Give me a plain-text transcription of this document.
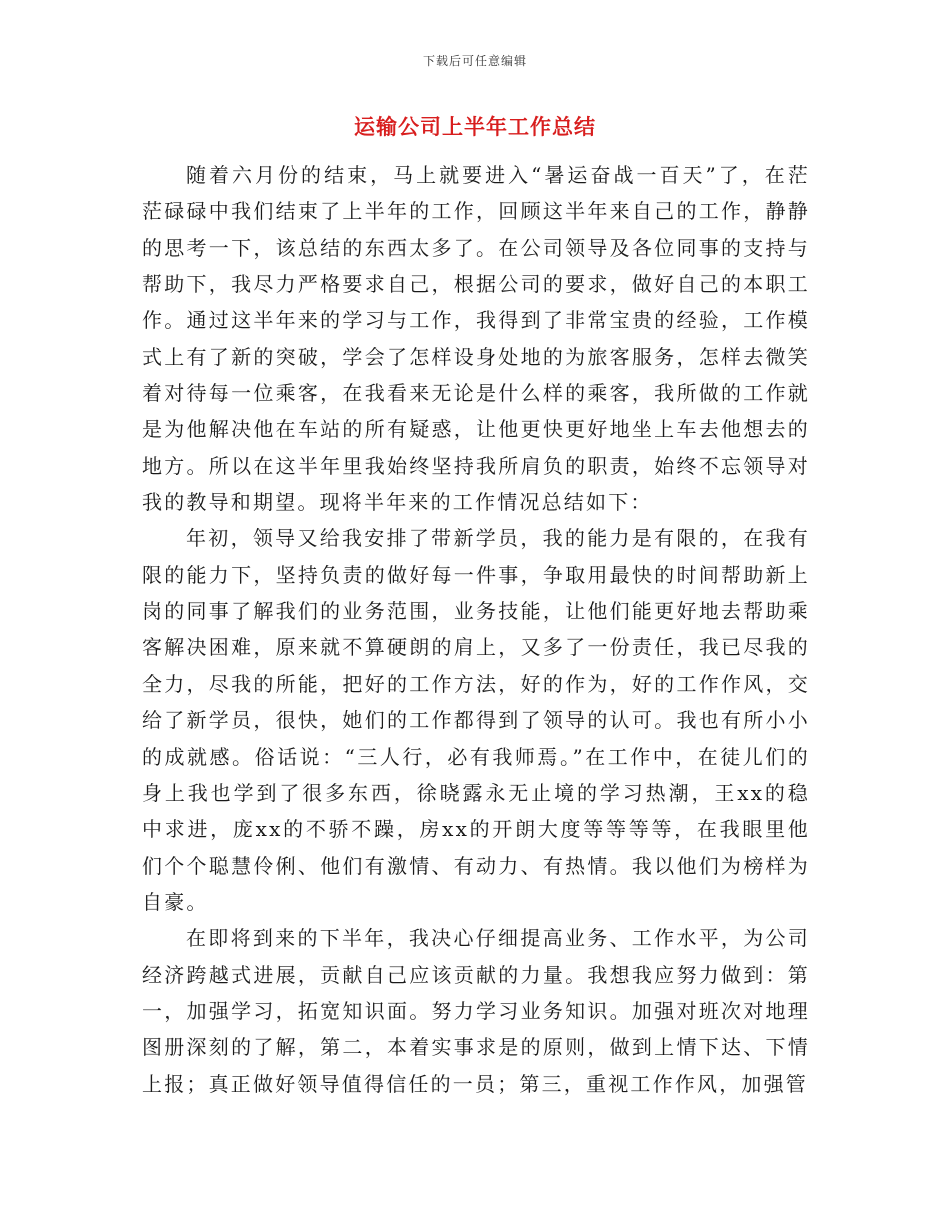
下载后可任意编辑
运输公司上半年工作总结

随着六月份的结束，马上就要进入“暑运奋战一百天”了，在茫茫碌碌中我们结束了上半年的工作，回顾这半年来自己的工作，静静的思考一下，该总结的东西太多了。在公司领导及各位同事的支持与帮助下，我尽力严格要求自己，根据公司的要求，做好自己的本职工作。通过这半年来的学习与工作，我得到了非常宝贵的经验，工作模式上有了新的突破，学会了怎样设身处地的为旅客服务，怎样去微笑着对待每一位乘客，在我看来无论是什么样的乘客，我所做的工作就是为他解决他在车站的所有疑惑，让他更快更好地坐上车去他想去的地方。所以在这半年里我始终坚持我所肩负的职责，始终不忘领导对我的教导和期望。现将半年来的工作情况总结如下：

年初，领导又给我安排了带新学员，我的能力是有限的，在我有限的能力下，坚持负责的做好每一件事，争取用最快的时间帮助新上岗的同事了解我们的业务范围，业务技能，让他们能更好地去帮助乘客解决困难，原来就不算硬朗的肩上，又多了一份责任，我已尽我的全力，尽我的所能，把好的工作方法，好的作为，好的工作作风，交给了新学员，很快，她们的工作都得到了领导的认可。我也有所小小的成就感。俗话说：“三人行，必有我师焉。”在工作中，在徒儿们的身上我也学到了很多东西，徐晓露永无止境的学习热潮，王xx的稳中求进，庞xx的不骄不躁，房xx的开朗大度等等等等，在我眼里他们个个聪慧伶俐、他们有激情、有动力、有热情。我以他们为榜样为自豪。

在即将到来的下半年，我决心仔细提高业务、工作水平，为公司经济跨越式进展，贡献自己应该贡献的力量。我想我应努力做到：第一，加强学习，拓宽知识面。努力学习业务知识。加强对班次对地理图册深刻的了解，第二，本着实事求是的原则，做到上情下达、下情上报；真正做好领导值得信任的一员；第三，重视工作作风，加强管
